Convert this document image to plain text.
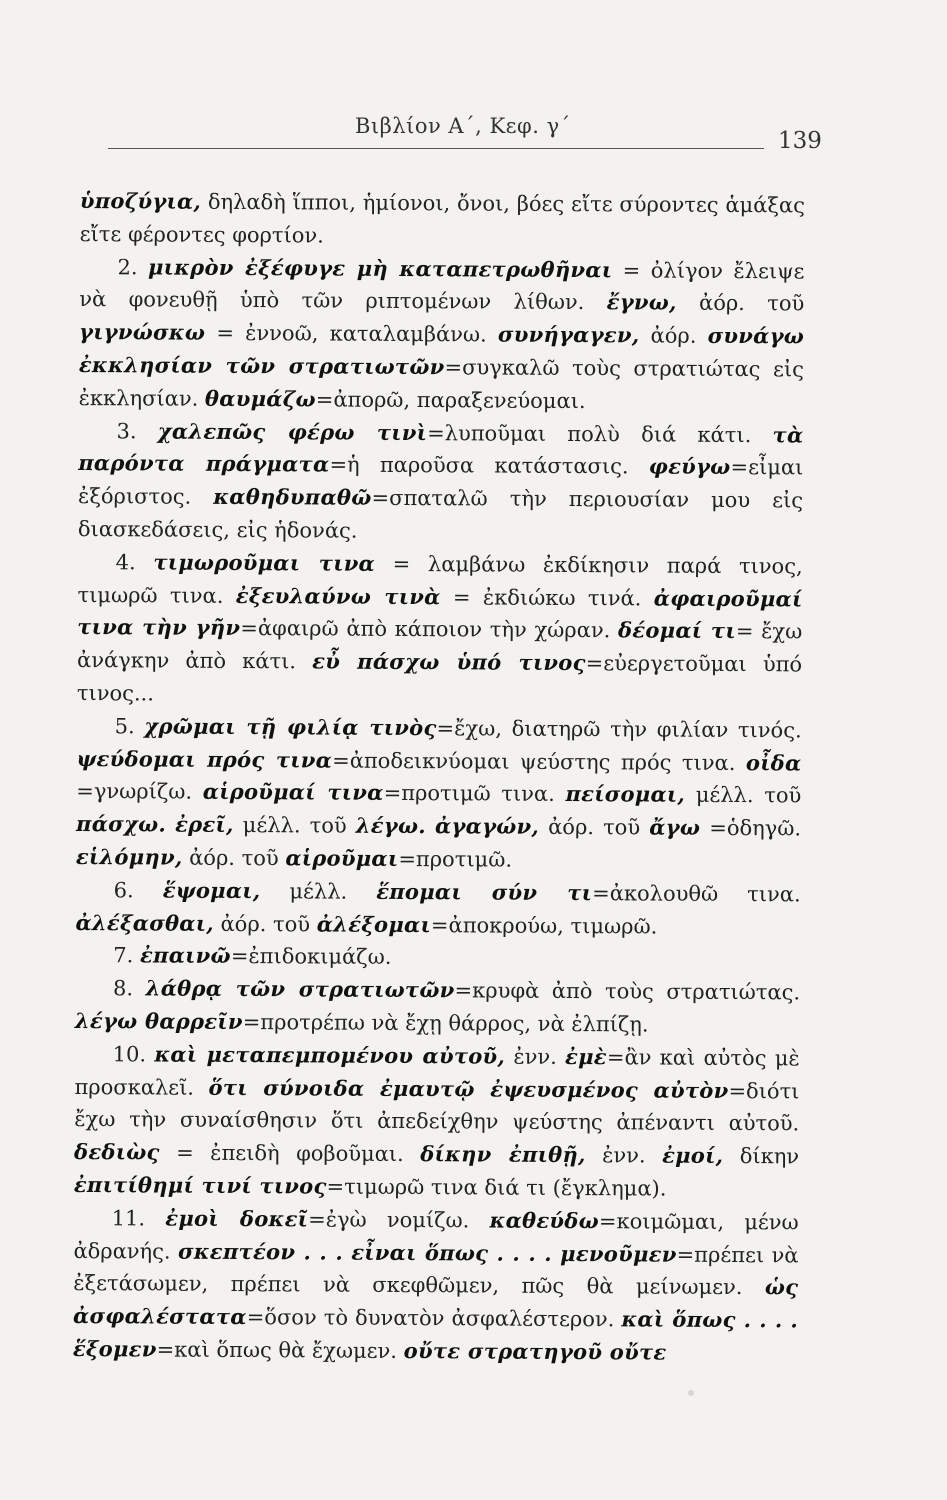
Βιβλίον Α΄, Κεφ. γ΄
139

ὑποζύγια, δηλαδὴ ἵπποι, ἡμίονοι, ὄνοι, βόες εἴτε σύροντες ἁμάξας εἴτε φέροντες φορτίον.

2. μικρὸν ἐξέφυγε μὴ καταπετρωθῆναι = ὀλίγον ἔλειψε νὰ φονευθῇ ὑπὸ τῶν ριπτομένων λίθων. ἔγνω, ἀόρ. τοῦ γιγνώσκω = ἐννοῶ, καταλαμβάνω. συνήγαγεν, ἀόρ. συνάγω ἐκκλησίαν τῶν στρατιωτῶν=συγκαλῶ τοὺς στρατιώτας εἰς ἐκκλησίαν. θαυμάζω=ἀπορῶ, παραξενεύομαι.

3. χαλεπῶς φέρω τινὶ=λυποῦμαι πολὺ διά κάτι. τὰ παρόντα πράγματα=ἡ παροῦσα κατάστασις. φεύγω=εἶμαι ἐξόριστος. καθηδυπαθῶ=σπαταλῶ τὴν περιουσίαν μου εἰς διασκεδάσεις, εἰς ἡδονάς.

4. τιμωροῦμαι τινα = λαμβάνω ἐκδίκησιν παρά τινος, τιμωρῶ τινα. ἐξευλαύνω τινὰ = ἐκδιώκω τινά. ἀφαιροῦμαί τινα τὴν γῆν=ἀφαιρῶ ἀπὸ κάποιον τὴν χώραν. δέομαί τι= ἔχω ἀνάγκην ἀπὸ κάτι. εὖ πάσχω ὑπό τινος=εὐεργετοῦμαι ὑπό τινος...

5. χρῶμαι τῇ φιλίᾳ τινὸς=ἔχω, διατηρῶ τὴν φιλίαν τινός. ψεύδομαι πρός τινα=ἀποδεικνύομαι ψεύστης πρός τινα. οἶδα =γνωρίζω. αἱροῦμαί τινα=προτιμῶ τινα. πείσομαι, μέλλ. τοῦ πάσχω. ἐρεῖ, μέλλ. τοῦ λέγω. ἀγαγών, ἀόρ. τοῦ ἄγω =ὁδηγῶ. εἱλόμην, ἀόρ. τοῦ αἱροῦμαι=προτιμῶ.

6. ἕψομαι, μέλλ. ἕπομαι σύν τι=ἀκολουθῶ τινα. ἀλέξασθαι, ἀόρ. τοῦ ἀλέξομαι=ἀποκρούω, τιμωρῶ.

7. ἐπαινῶ=ἐπιδοκιμάζω.

8. λάθρᾳ τῶν στρατιωτῶν=κρυφὰ ἀπὸ τοὺς στρατιώτας. λέγω θαρρεῖν=προτρέπω νὰ ἔχῃ θάρρος, νὰ ἐλπίζῃ.

10. καὶ μεταπεμπομένου αὐτοῦ, ἐνν. ἐμὲ=ἂν καὶ αὐτὸς μὲ προσκαλεῖ. ὅτι σύνοιδα ἐμαυτῷ ἐψευσμένος αὐτὸν=διότι ἔχω τὴν συναίσθησιν ὅτι ἀπεδείχθην ψεύστης ἀπέναντι αὐτοῦ. δεδιὼς = ἐπειδὴ φοβοῦμαι. δίκην ἐπιθῇ, ἐνν. ἐμοί, δίκην ἐπιτίθημί τινί τινος=τιμωρῶ τινα διά τι (ἔγκλημα).

11. ἐμοὶ δοκεῖ=ἐγὼ νομίζω. καθεύδω=κοιμῶμαι, μένω ἀδρανής. σκεπτέον . . . εἶναι ὅπως . . . . μενοῦμεν=πρέπει νὰ ἐξετάσωμεν, πρέπει νὰ σκεφθῶμεν, πῶς θὰ μείνωμεν. ὡς ἀσφαλέστατα=ὅσον τὸ δυνατὸν ἀσφαλέστερον. καὶ ὅπως . . . . ἕξομεν=καὶ ὅπως θὰ ἔχωμεν. οὔτε στρατηγοῦ οὔτε
